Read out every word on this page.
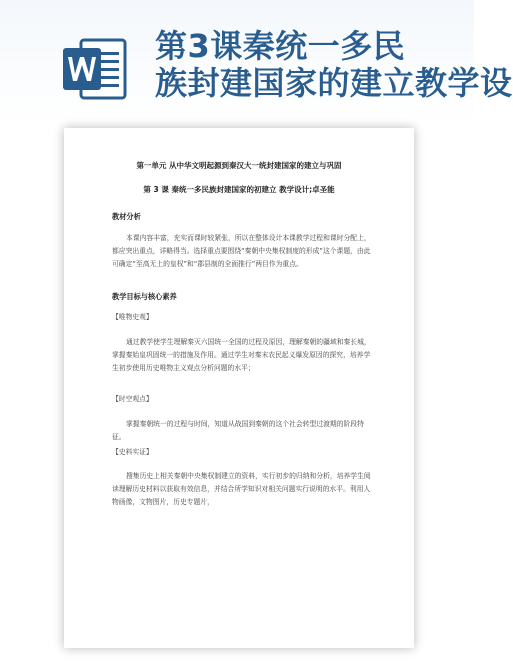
第3课秦统一多民
族封建国家的建立教学设
第一单元 从中华文明起源到秦汉大一统封建国家的建立与巩固
第 3 课 秦统一多民族封建国家的初建立 教学设计;卓圣能
教材分析
本课内容丰富，充实而课时较紧张，所以在整体设计本课教学过程和课时分配上，都应突出重点，详略得当。选择重点要围绕“秦朝中央集权制度的形成”这个课题，由此可确定“至高无上的皇权”和“郡县制的全面推行”两目作为重点。
教学目标与核心素养
【唯物史观】
通过教学使学生理解秦灭六国统一全国的过程及原因，理解秦朝的疆域和秦长城，掌握秦始皇巩固统一的措施及作用。通过学生对秦末农民起义爆发原因的探究，培养学生初步使用历史唯物主义观点分析问题的水平；
【时空观点】
掌握秦朝统一的过程与时间，知道从战国到秦朝的这个社会转型过渡期的阶段特征。
【史料实证】
搜集历史上相关秦朝中央集权制建立的资料，实行初步的归纳和分析，培养学生阅读理解历史材料以获取有效信息，并结合所学知识对相关问题实行说明的水平。利用人物画像，文物图片，历史专题片，
